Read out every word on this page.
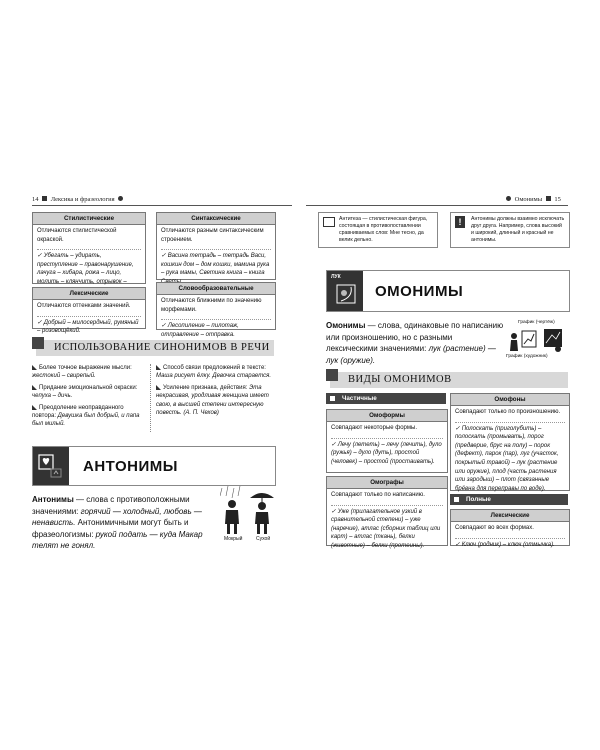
14 Лексика и фразеология	Омонимы 15
Стилистические
Отличаются стилистической окраской.
✓ Убегать – удирать, преступление – правонарушение, лачуга – хибара, рожа – лицо, молить – клянчить, отрывок –
Синтаксические
Отличаются разным синтаксическим строением.
✓ Васина тетрадь – тетрадь Васи, кошкин дом – дом кошки, мамина рука – рука мамы, Светина книга – книга
Лексические
Отличаются оттенками значений.
✓ Добрый – милосердный, румяный – розовощёкий.
Словообразовательные
Отличаются ближними по значению морфемами.
✓ Лесопиление – пилотаж, отправление – отправка.
ИСПОЛЬЗОВАНИЕ СИНОНИМОВ В РЕЧИ

Более точное выражение мысли: жестокий – свирепый.

Придание эмоциональной окраски: чепуха – дичь.

Преодоление неоправданного повтора: Девушка был добрый, и папа был милый.

Способ связи предложений в тексте: Маша рисует ёлку. Девочка старается.

Усиление признака, действия: Эта некрасивая, уродливая женщина имеет свою, в высшей степени интересную повесть. (А. П. Чехов)

АНТОНИМЫ
Антонимы — слова с противоположными значениями: горячий — холодный, любовь — ненависть. Антонимичными могут быть и фразеологизмы: рукой подать — куда Макар телят не гонял.
Мокрый	Сухой
Антитеза — стилистическая фигура, состоящая в противопоставлении сравниваемых слов: Мне тесно, да велик дельно.
!	Антонимы должны взаимно исключать друг друга. Например, слова высокий и широкий, длинный и красный не антонимы.
ЛУК
ОМОНИМЫ
Омонимы — слова, одинаковые по написанию или произношению, но с разными лексическими значениями: лук (растение) — лук (оружие).
График (чертёж)
График (художник)
ВИДЫ ОМОНИМОВ
Частичные
Омоформы
Совпадают некоторые формы.
✓ Лечу (лететь) – лечу (лечить), дуло (ружья) – дуло (дуть), простой (человек) – простой (простаивать).
Омографы
Совпадают только по написанию.
✓ Уже (прилагательное узкий в сравнительной степени) – уже (наречие), атлас (сборник таблиц или карт) – атлас (ткань), белки (животные) – белки (протеины).
Омофоны
Совпадают только по произношению.
✓ Полоскать (приголубить) – полоскать (промывать), порог (предверие, брус на полу) – порок (дефект), парок (пар), луг (участок, покрытый травой) – лук (растение или оружие), плод (часть растения или зародыш) – плот (связанные брёвна для переправы по воде).
Полные
Лексические
Совпадают во всех формах.
✓ Ключ (родник) – ключ (отмычка).
